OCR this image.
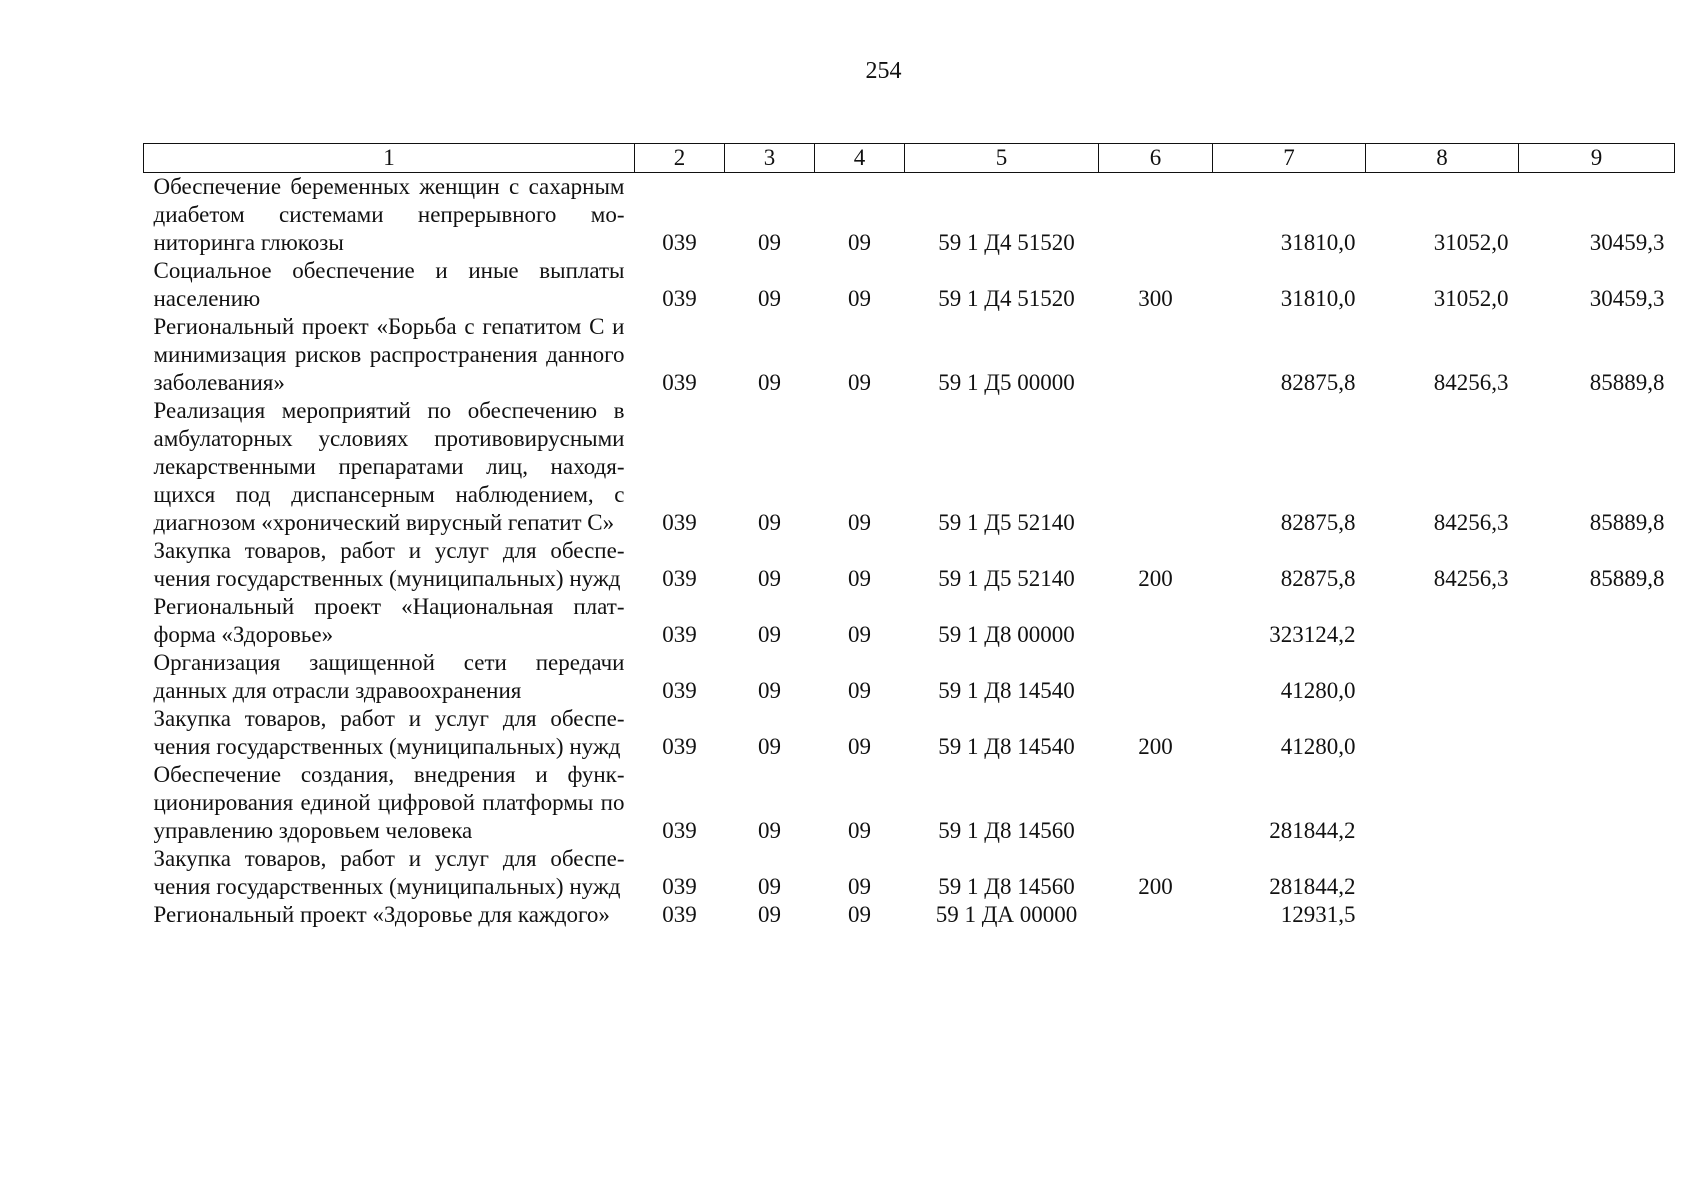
254
1	2	3	4	5	6	7	8	9
Обеспечение беременных женщин с сахарным диабетом системами непрерывного мониторинга глюкозы	039	09	09	59 1 Д4 51520		31810,0	31052,0	30459,3
Социальное обеспечение и иные выплаты населению	039	09	09	59 1 Д4 51520	300	31810,0	31052,0	30459,3
Региональный проект «Борьба с гепатитом С и минимизация рисков распространения данного заболевания»	039	09	09	59 1 Д5 00000		82875,8	84256,3	85889,8
Реализация мероприятий по обеспечению в амбулаторных условиях противовирусными лекарственными препаратами лиц, находящихся под диспансерным наблюдением, с диагнозом «хронический вирусный гепатит С»	039	09	09	59 1 Д5 52140		82875,8	84256,3	85889,8
Закупка товаров, работ и услуг для обеспечения государственных (муниципальных) нужд	039	09	09	59 1 Д5 52140	200	82875,8	84256,3	85889,8
Региональный проект «Национальная платформа «Здоровье»	039	09	09	59 1 Д8 00000		323124,2		
Организация защищенной сети передачи данных для отрасли здравоохранения	039	09	09	59 1 Д8 14540		41280,0		
Закупка товаров, работ и услуг для обеспечения государственных (муниципальных) нужд	039	09	09	59 1 Д8 14540	200	41280,0		
Обеспечение создания, внедрения и функционирования единой цифровой платформы по управлению здоровьем человека	039	09	09	59 1 Д8 14560		281844,2		
Закупка товаров, работ и услуг для обеспечения государственных (муниципальных) нужд	039	09	09	59 1 Д8 14560	200	281844,2		
Региональный проект «Здоровье для каждого»	039	09	09	59 1 ДА 00000		12931,5		
